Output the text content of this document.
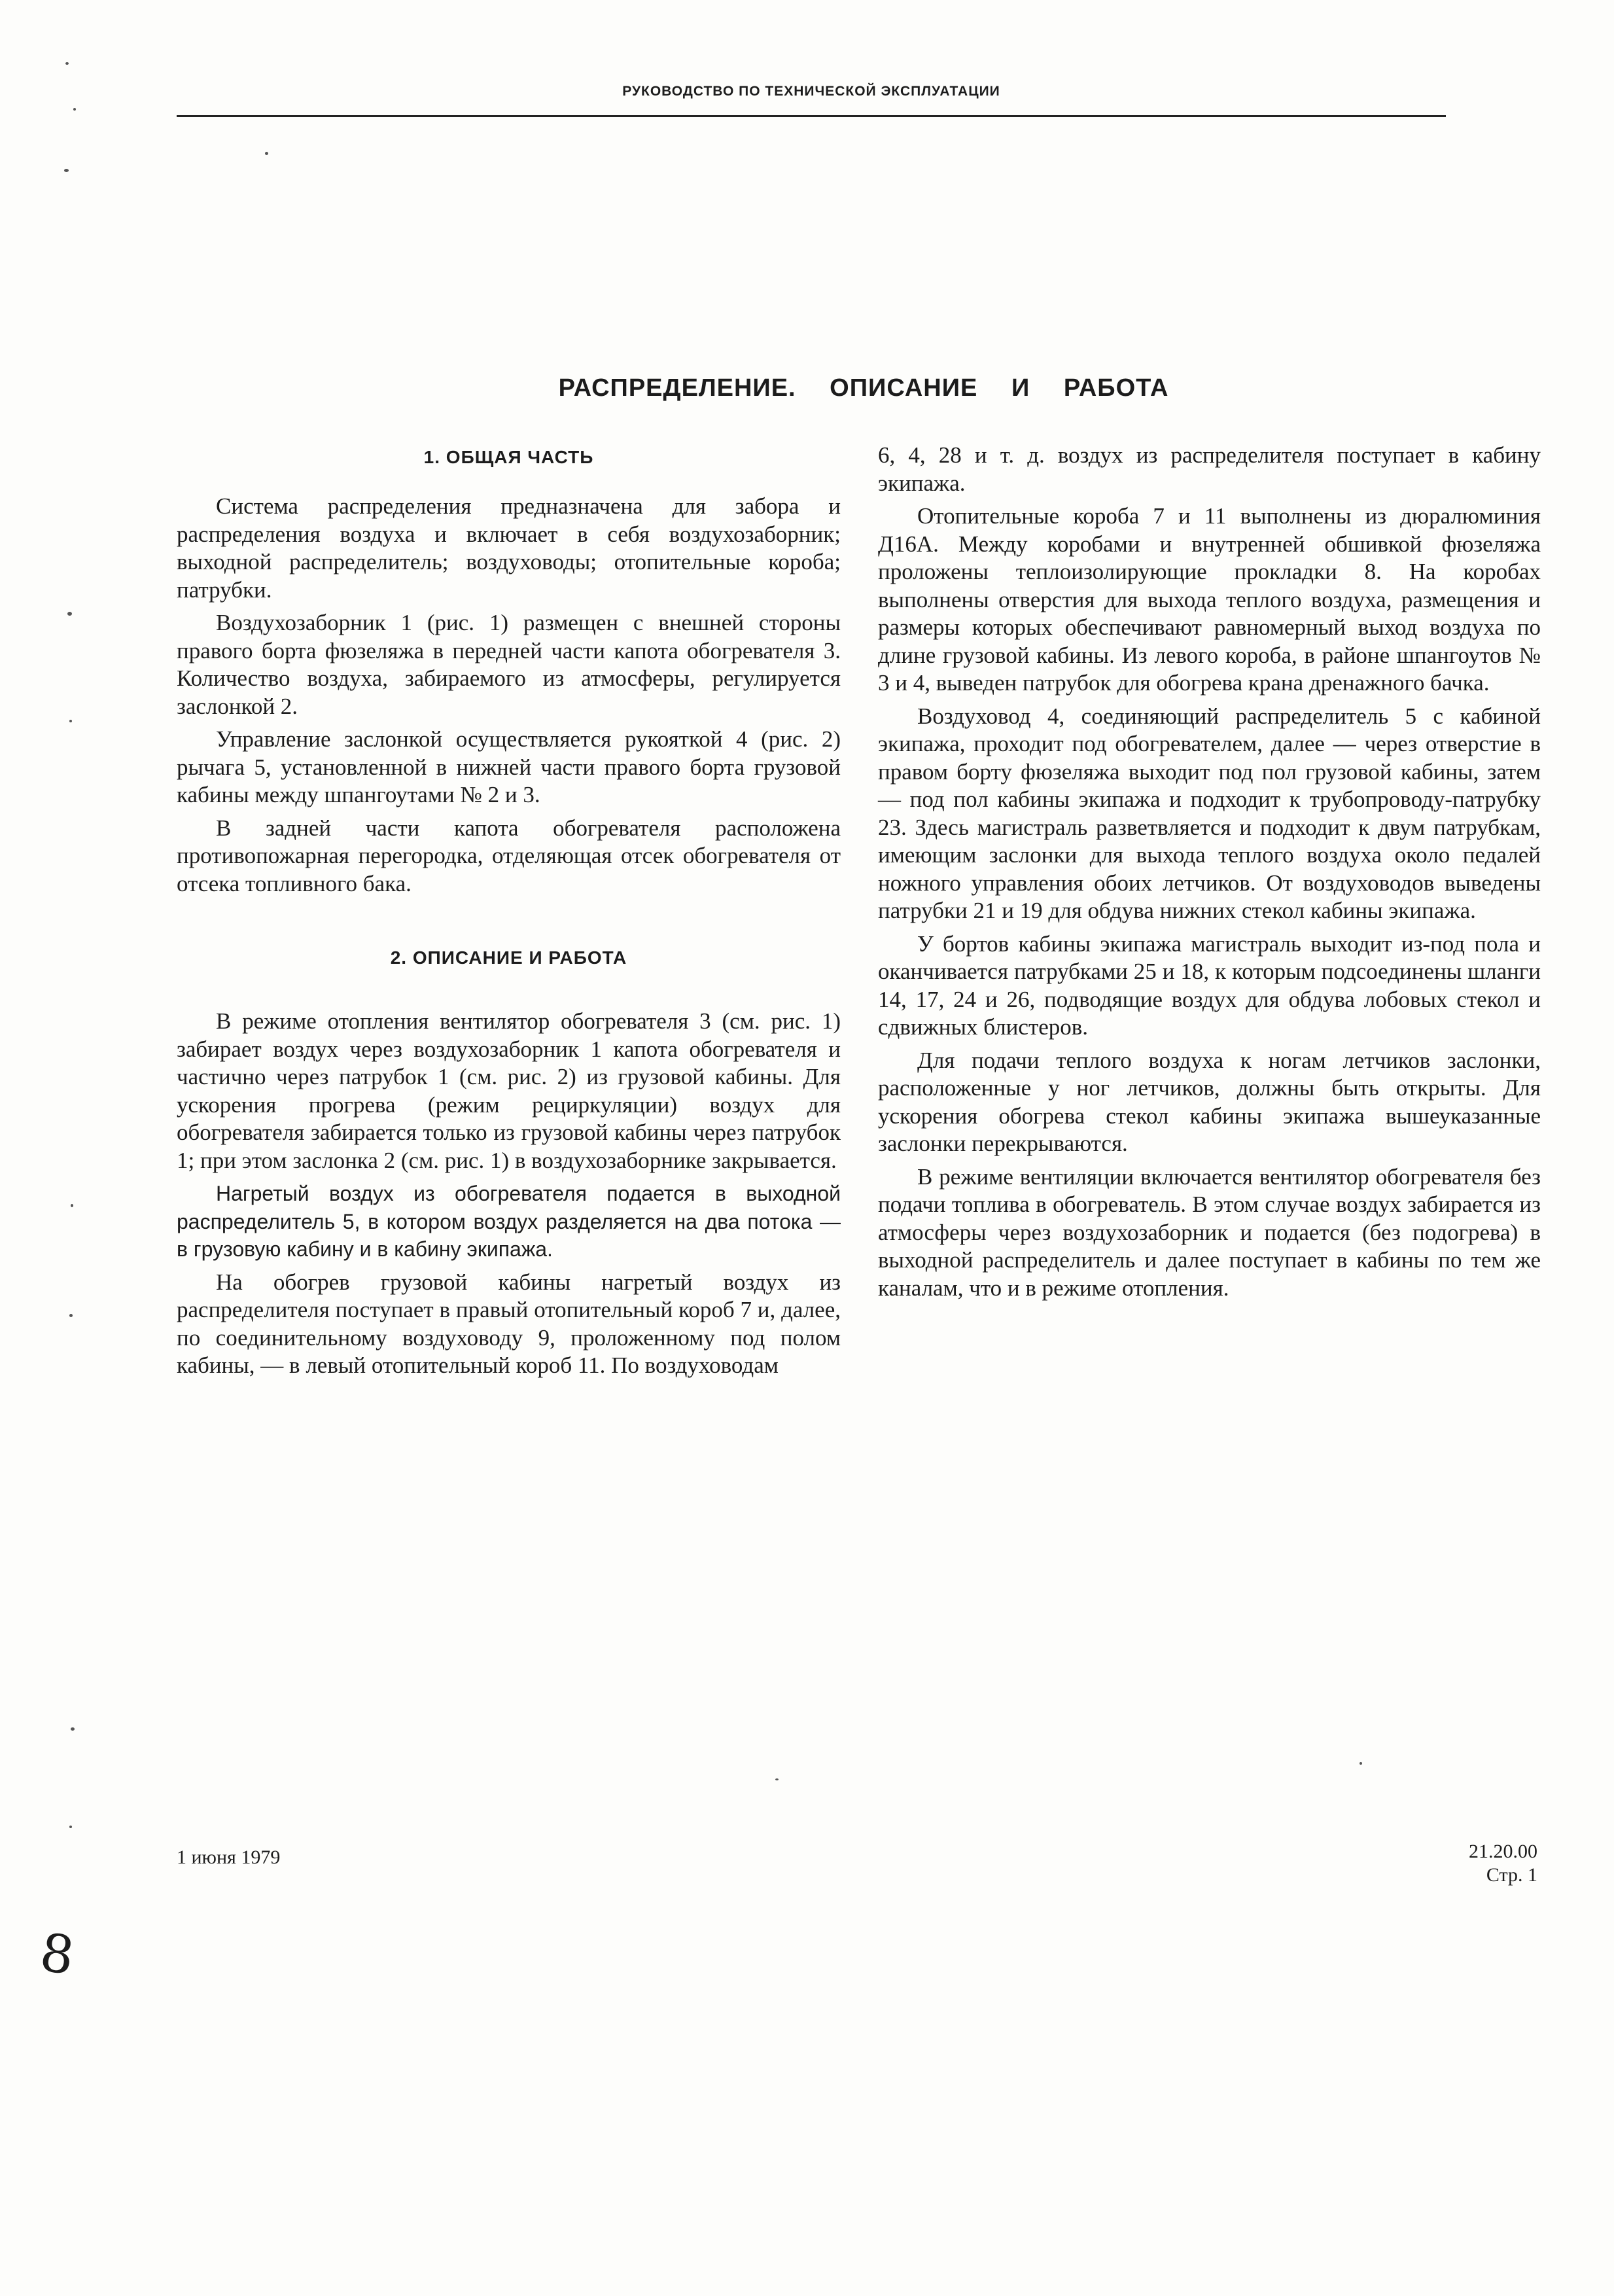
РУКОВОДСТВО ПО ТЕХНИЧЕСКОЙ ЭКСПЛУАТАЦИИ
РАСПРЕДЕЛЕНИЕ. ОПИСАНИЕ И РАБОТА
1. ОБЩАЯ ЧАСТЬ

Система распределения предназначена для забора и распределения воздуха и включает в себя воздухозаборник; выходной распределитель; воздуховоды; отопительные короба; патрубки.

Воздухозаборник 1 (рис. 1) размещен с внешней стороны правого борта фюзеляжа в передней части капота обогревателя 3. Количество воздуха, забираемого из атмосферы, регулируется заслонкой 2.

Управление заслонкой осуществляется рукояткой 4 (рис. 2) рычага 5, установленной в нижней части правого борта грузовой кабины между шпангоутами № 2 и 3.

В задней части капота обогревателя расположена противопожарная перегородка, отделяющая отсек обогревателя от отсека топливного бака.

2. ОПИСАНИЕ И РАБОТА

В режиме отопления вентилятор обогревателя 3 (см. рис. 1) забирает воздух через воздухозаборник 1 капота обогревателя и частично через патрубок 1 (см. рис. 2) из грузовой кабины. Для ускорения прогрева (режим рециркуляции) воздух для обогревателя забирается только из грузовой кабины через патрубок 1; при этом заслонка 2 (см. рис. 1) в воздухозаборнике закрывается.

Нагретый воздух из обогревателя подается в выходной распределитель 5, в котором воздух разделяется на два потока — в грузовую кабину и в кабину экипажа.

На обогрев грузовой кабины нагретый воздух из распределителя поступает в правый отопительный короб 7 и, далее, по соединительному воздуховоду 9, проложенному под полом кабины, — в левый отопительный короб 11. По воздуховодам

6, 4, 28 и т. д. воздух из распределителя поступает в кабину экипажа.

Отопительные короба 7 и 11 выполнены из дюралюминия Д16А. Между коробами и внутренней обшивкой фюзеляжа проложены теплоизолирующие прокладки 8. На коробах выполнены отверстия для выхода теплого воздуха, размещения и размеры которых обеспечивают равномерный выход воздуха по длине грузовой кабины. Из левого короба, в районе шпангоутов № 3 и 4, выведен патрубок для обогрева крана дренажного бачка.

Воздуховод 4, соединяющий распределитель 5 с кабиной экипажа, проходит под обогревателем, далее — через отверстие в правом борту фюзеляжа выходит под пол грузовой кабины, затем — под пол кабины экипажа и подходит к трубопроводу-патрубку 23. Здесь магистраль разветвляется и подходит к двум патрубкам, имеющим заслонки для выхода теплого воздуха около педалей ножного управления обоих летчиков. От воздуховодов выведены патрубки 21 и 19 для обдува нижних стекол кабины экипажа.

У бортов кабины экипажа магистраль выходит из-под пола и оканчивается патрубками 25 и 18, к которым подсоединены шланги 14, 17, 24 и 26, подводящие воздух для обдува лобовых стекол и сдвижных блистеров.

Для подачи теплого воздуха к ногам летчиков заслонки, расположенные у ног летчиков, должны быть открыты. Для ускорения обогрева стекол кабины экипажа вышеуказанные заслонки перекрываются.

В режиме вентиляции включается вентилятор обогревателя без подачи топлива в обогреватель. В этом случае воздух забирается из атмосферы через воздухозаборник и подается (без подогрева) в выходной распределитель и далее поступает в кабины по тем же каналам, что и в режиме отопления.

1 июня 1979	21.20.00
Стр. 1
8
